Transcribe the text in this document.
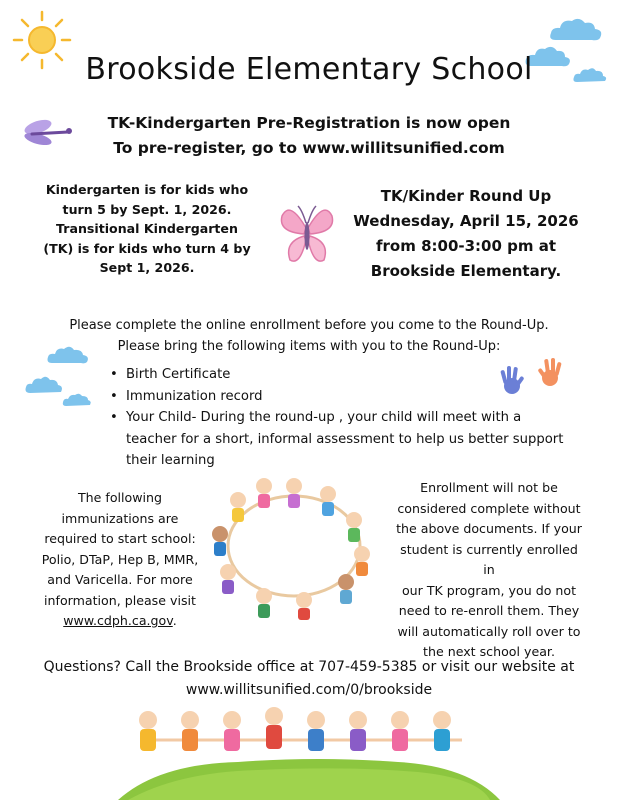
Brookside Elementary School
TK-Kindergarten Pre-Registration is now open
To pre-register, go to www.willitsunified.com
Kindergarten is for kids who
turn 5 by Sept. 1, 2026.
Transitional Kindergarten
(TK) is for kids who turn 4 by
Sept 1, 2026.
TK/Kinder Round Up
Wednesday, April 15, 2026
from 8:00-3:00 pm at
Brookside Elementary.
Please complete the online enrollment before you come to the Round-Up.
Please bring the following items with you to the Round-Up:
• Birth Certificate
• Immunization record
• Your Child- During the round-up , your child will meet with a
teacher for a short, informal assessment to help us better support
their learning
The following
immunizations are
required to start school:
Polio, DTaP, Hep B, MMR,
and Varicella. For more
information, please visit
www.cdph.ca.gov.
Enrollment will not be
considered complete without
the above documents. If your
student is currently enrolled in
our TK program, you do not
need to re-enroll them. They
will automatically roll over to
the next school year.
Questions? Call the Brookside office at 707-459-5385 or visit our website at
www.willitsunified.com/0/brookside
